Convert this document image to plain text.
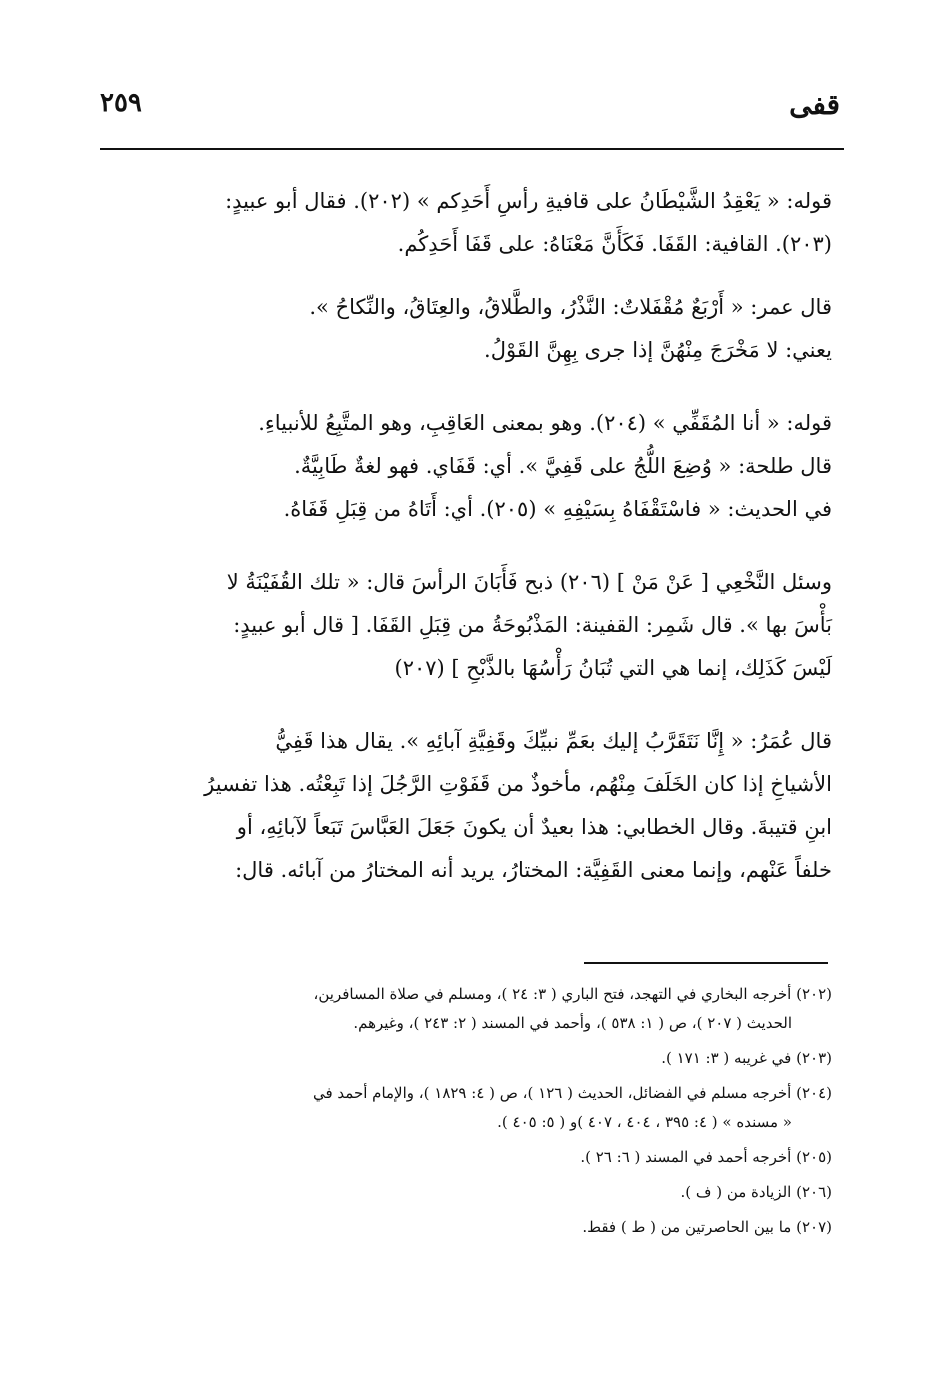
قفى
٢٥٩
قوله: « يَعْقِدُ الشَّيْطَانُ على قافيةِ رأسِ أَحَدِكم » (٢٠٢). فقال أبو عبيدٍ:
(٢٠٣). القافية: القَفَا. فَكَأَنَّ مَعْنَاهُ: على قَفَا أَحَدِكُم.
قال عمر: « أَرْبَعٌ مُقْفَلاتٌ: النَّذْرُ، والطَّلاقُ، والعِتَاقُ، والنِّكاحُ ».
يعني: لا مَخْرَجَ مِنْهُنَّ إذا جرى بِهِنَّ القَوْلُ.
قوله: « أنا المُقَفِّي » (٢٠٤). وهو بمعنى العَاقِبِ، وهو المتَّبِعُ للأنبياءِ.
قال طلحة: « وُضِعَ اللُّجُ على قَفِيَّ ». أي: قَفَاي. فهو لغةٌ طَابِيَّةٌ.
في الحديث: « فاسْتَقْفَاهُ بِسَيْفِهِ » (٢٠٥). أي: أَتَاهُ من قِبَلِ قَفَاهُ.
وسئل النَّخْعِي [ عَنْ مَنْ ] (٢٠٦) ذبح فَأَبَانَ الرأسَ قال: « تلك القُفَيْنَةُ لا
بَأْسَ بها ». قال شَمِر: القفينة: المَذْبُوحَةُ من قِبَلِ القَفَا. [ قال أبو عبيدٍ:
لَيْسَ كَذَلِك، إنما هي التي تُبَانُ رَأْسُهَا بالذَّبْحِ ] (٢٠٧)
قال عُمَرُ: « إِنَّا نَتَقَرَّبُ إليك بعَمِّ نبيِّكَ وقَفِيَّةِ آبائِهِ ». يقال هذا قَفِيُّ
الأشياخِ إذا كان الخَلَفَ مِنْهُم، مأخوذٌ من قَفَوْتِ الرَّجُلَ إذا تَبِعْتُه. هذا تفسيرُ
ابنِ قتيبةَ. وقال الخطابي: هذا بعيدٌ أن يكونَ جَعَلَ العَبَّاسَ تَبَعاً لآبائِهِ، أو
خلفاً عَنْهم، وإنما معنى القَفِيَّة: المختارُ، يريد أنه المختارُ من آبائه. قال:
(٢٠٢) أخرجه البخاري في التهجد، فتح الباري ( ٣: ٢٤ )، ومسلم في صلاة المسافرين،
الحديث ( ٢٠٧ )، ص ( ١: ٥٣٨ )، وأحمد في المسند ( ٢: ٢٤٣ )، وغيرهم.
(٢٠٣) في غريبه ( ٣: ١٧١ ).
(٢٠٤) أخرجه مسلم في الفضائل، الحديث ( ١٢٦ )، ص ( ٤: ١٨٢٩ )، والإمام أحمد في
« مسنده » ( ٤: ٣٩٥ ، ٤٠٤ ، ٤٠٧ )و ( ٥: ٤٠٥ ).
(٢٠٥) أخرجه أحمد في المسند ( ٦: ٢٦ ).
(٢٠٦) الزيادة من ( ف ).
(٢٠٧) ما بين الحاصرتين من ( ط ) فقط.
